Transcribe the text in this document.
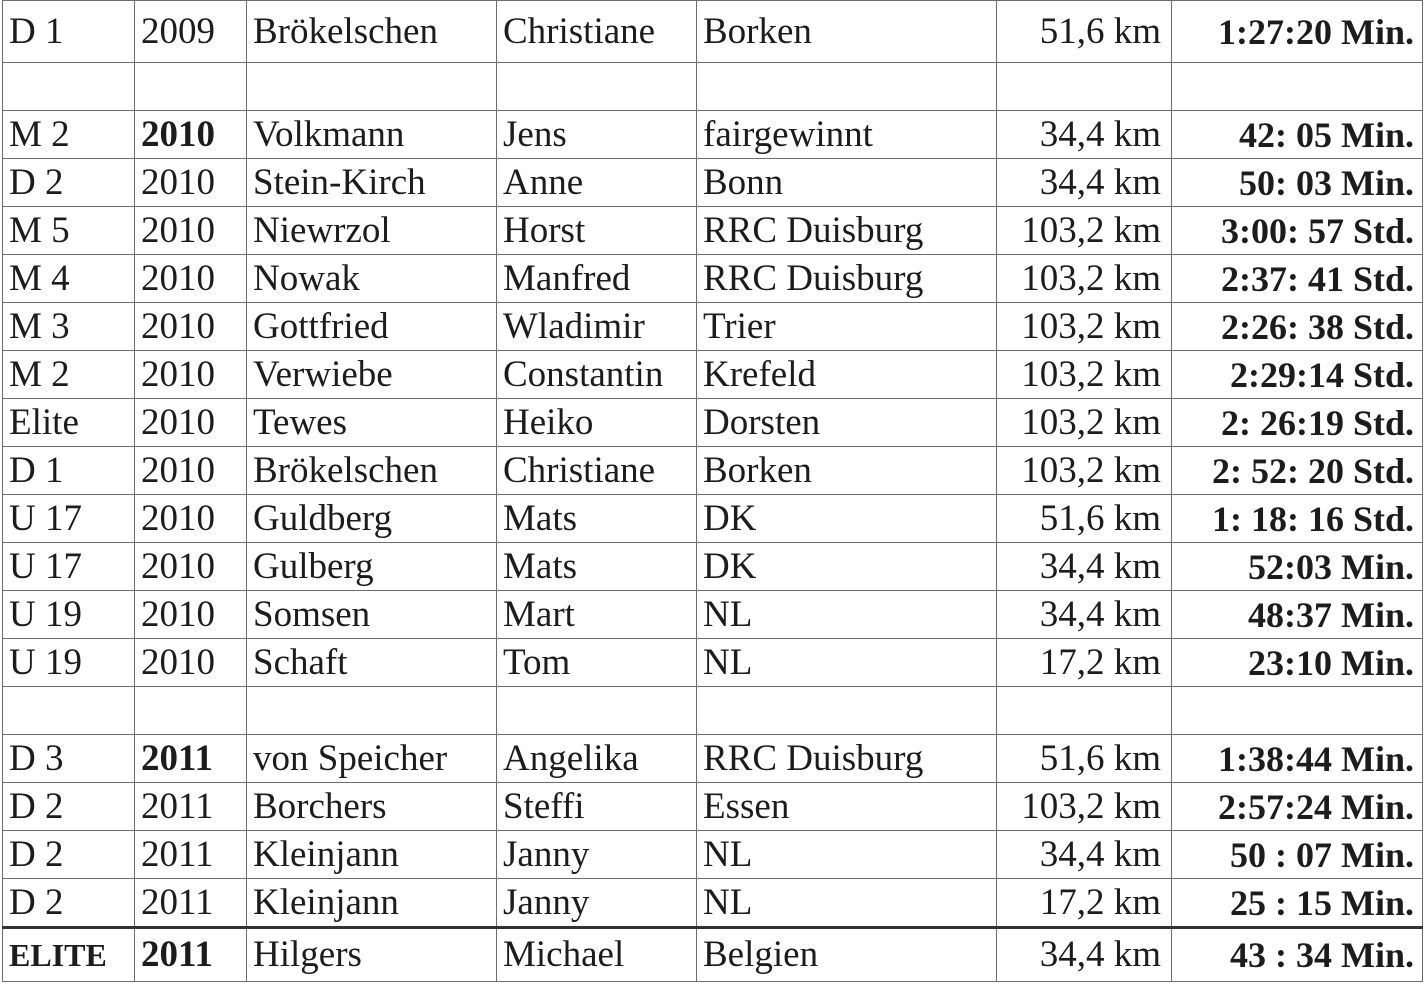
D 1	2009	Brökelschen	Christiane	Borken	51,6 km	1:27:20 Min.

M 2	2010	Volkmann	Jens	fairgewinnt	34,4 km	42: 05 Min.
D 2	2010	Stein-Kirch	Anne	Bonn	34,4 km	50: 03 Min.
M 5	2010	Niewrzol	Horst	RRC Duisburg	103,2 km	3:00: 57 Std.
M 4	2010	Nowak	Manfred	RRC Duisburg	103,2 km	2:37: 41 Std.
M 3	2010	Gottfried	Wladimir	Trier	103,2 km	2:26: 38 Std.
M 2	2010	Verwiebe	Constantin	Krefeld	103,2 km	2:29:14 Std.
Elite	2010	Tewes	Heiko	Dorsten	103,2 km	2: 26:19 Std.
D 1	2010	Brökelschen	Christiane	Borken	103,2 km	2: 52: 20 Std.
U 17	2010	Guldberg	Mats	DK	51,6 km	1: 18: 16 Std.
U 17	2010	Gulberg	Mats	DK	34,4 km	52:03 Min.
U 19	2010	Somsen	Mart	NL	34,4 km	48:37 Min.
U 19	2010	Schaft	Tom	NL	17,2 km	23:10 Min.

D 3	2011	von Speicher	Angelika	RRC Duisburg	51,6 km	1:38:44 Min.
D 2	2011	Borchers	Steffi	Essen	103,2 km	2:57:24 Min.
D 2	2011	Kleinjann	Janny	NL	34,4 km	50 : 07 Min.
D 2	2011	Kleinjann	Janny	NL	17,2 km	25 : 15 Min.
ELITE	2011	Hilgers	Michael	Belgien	34,4 km	43 : 34 Min.
